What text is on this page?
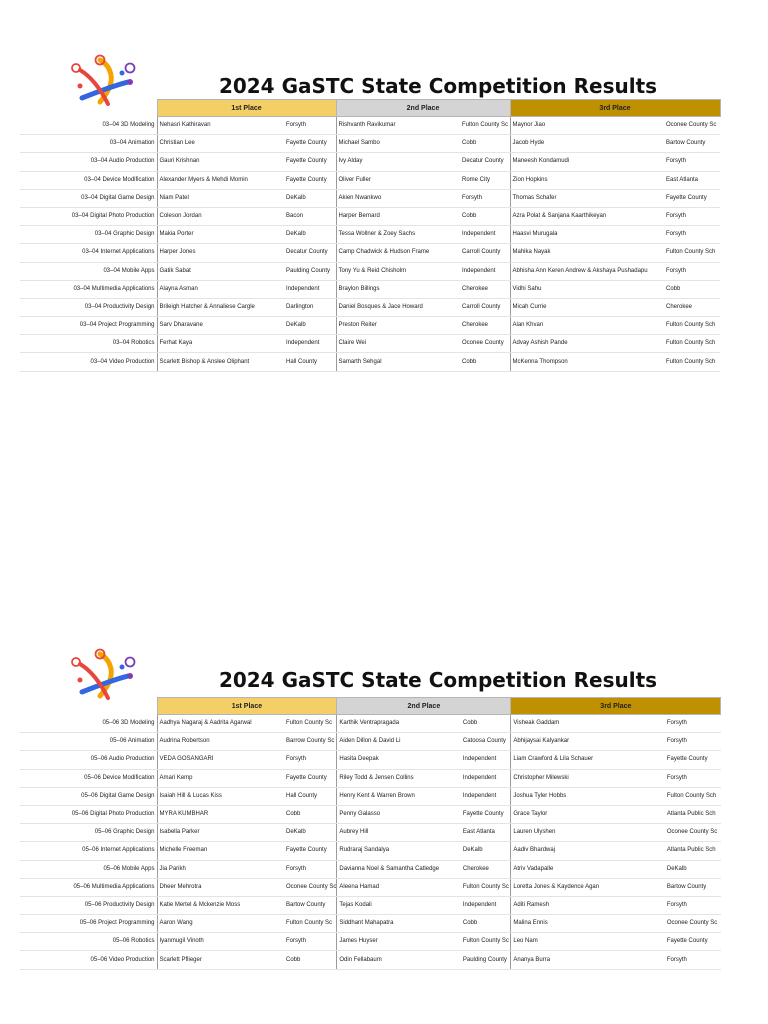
2024 GaSTC State Competition Results
	1st Place		2nd Place		3rd Place	
03–04 3D Modeling	Nehasri Kathiravan	Forsyth	Rishvanth Ravikumar	Fulton County Sc	Maynor Jiao	Oconee County Sc
03–04 Animation	Christian Lee	Fayette County	Michael Sambo	Cobb	Jacob Hyde	Bartow County
03–04 Audio Production	Gauri Krishnan	Fayette County	Ivy Alday	Decatur County	Maneesh Kondamudi	Forsyth
03–04 Device Modification	Alexander Myers & Mehdi Momin	Fayette County	Oliver Fuller	Rome City	Zion Hopkins	East Atlanta
03–04 Digital Game Design	Niam Patel	DeKalb	Akien Nwankwo	Forsyth	Thomas Schafer	Fayette County
03–04 Digital Photo Production	Coleson Jordan	Bacon	Harper Bernard	Cobb	Azra Polat & Sanjana Kaarthikeyan	Forsyth
03–04 Graphic Design	Makia Porter	DeKalb	Tessa Wollner & Zoey Sachs	Independent	Haasvi Murugala	Forsyth
03–04 Internet Applications	Harper Jones	Decatur County	Camp Chadwick & Hudson Frame	Carroll County	Mahika Nayak	Fulton County Sch
03–04 Mobile Apps	Gatik Sabat	Paulding County	Tony Yu & Reid Chisholm	Independent	Abhisha Ann Keren Andrew & Akshaya Pushadapu	Forsyth
03–04 Multimedia Applications	Alayna Asman	Independent	Braylon Billings	Cherokee	Vidhi Sahu	Cobb
03–04 Productivity Design	Brileigh Hatcher & Annaliese Cargle	Darlington	Daniel Bosques & Jace Howard	Carroll County	Micah Currie	Cherokee
03–04 Project Programming	Sarv Dharavane	DeKalb	Preston Reiter	Cherokee	Alan Khvan	Fulton County Sch
03–04 Robotics	Ferhat Kaya	Independent	Claire Wei	Oconee County	Advay Ashish Pande	Fulton County Sch
03–04 Video Production	Scarlett Bishop & Anslee Oliphant	Hall County	Samarth Sehgal	Cobb	McKenna Thompson	Fulton County Sch
2024 GaSTC State Competition Results
	1st Place		2nd Place		3rd Place	
05–06 3D Modeling	Aadhya Nagaraj & Aadrita Agarwal	Fulton County Sc	Karthik Ventrapragada	Cobb	Visheak Gaddam	Forsyth
05–06 Animation	Audrina Robertson	Barrow County Sc	Aiden Dillon & David Li	Catoosa County	Abhijaysai Kalyankar	Forsyth
05–06 Audio Production	VEDA GOSANGARI	Forsyth	Hasita Deepak	Independent	Liam Crawford & Lila Schauer	Fayette County
05–06 Device Modification	Amari Kemp	Fayette County	Riley Todd & Jensen Collins	Independent	Christopher Milewski	Forsyth
05–06 Digital Game Design	Isaiah Hill & Lucas Kiss	Hall County	Henry Kent & Warren Brown	Independent	Joshua Tyler Hobbs	Fulton County Sch
05–06 Digital Photo Production	MYRA KUMBHAR	Cobb	Penny Galasso	Fayette County	Grace Taylor	Atlanta Public Sch
05–06 Graphic Design	Isabella Parker	DeKalb	Aubrey Hill	East Atlanta	Lauren Ulyshen	Oconee County Sc
05–06 Internet Applications	Michelle Freeman	Fayette County	Rudraraj Sandalya	DeKalb	Aadiv Bhardwaj	Atlanta Public Sch
05–06 Mobile Apps	Jia Parikh	Forsyth	Davianna Noel & Samantha Catledge	Cherokee	Atriv Vadapalle	DeKalb
05–06 Multimedia Applications	Dheer Mehrotra	Oconee County Sc	Aleena Hamad	Fulton County Sc	Loretta Jones & Kaydence Agan	Bartow County
05–06 Productivity Design	Katie Mertel & Mckenzie Moss	Bartow County	Tejas Kodali	Independent	Aditi Ramesh	Forsyth
05–06 Project Programming	Aaron Wang	Fulton County Sc	Siddhant Mahapatra	Cobb	Malina Ennis	Oconee County Sc
05–06 Robotics	Iyanmugil Vinoth	Forsyth	James Huyser	Fulton County Sc	Leo Nam	Fayette County
05–06 Video Production	Scarlett Pflieger	Cobb	Odin Fellabaum	Paulding County	Ananya Burra	Forsyth
